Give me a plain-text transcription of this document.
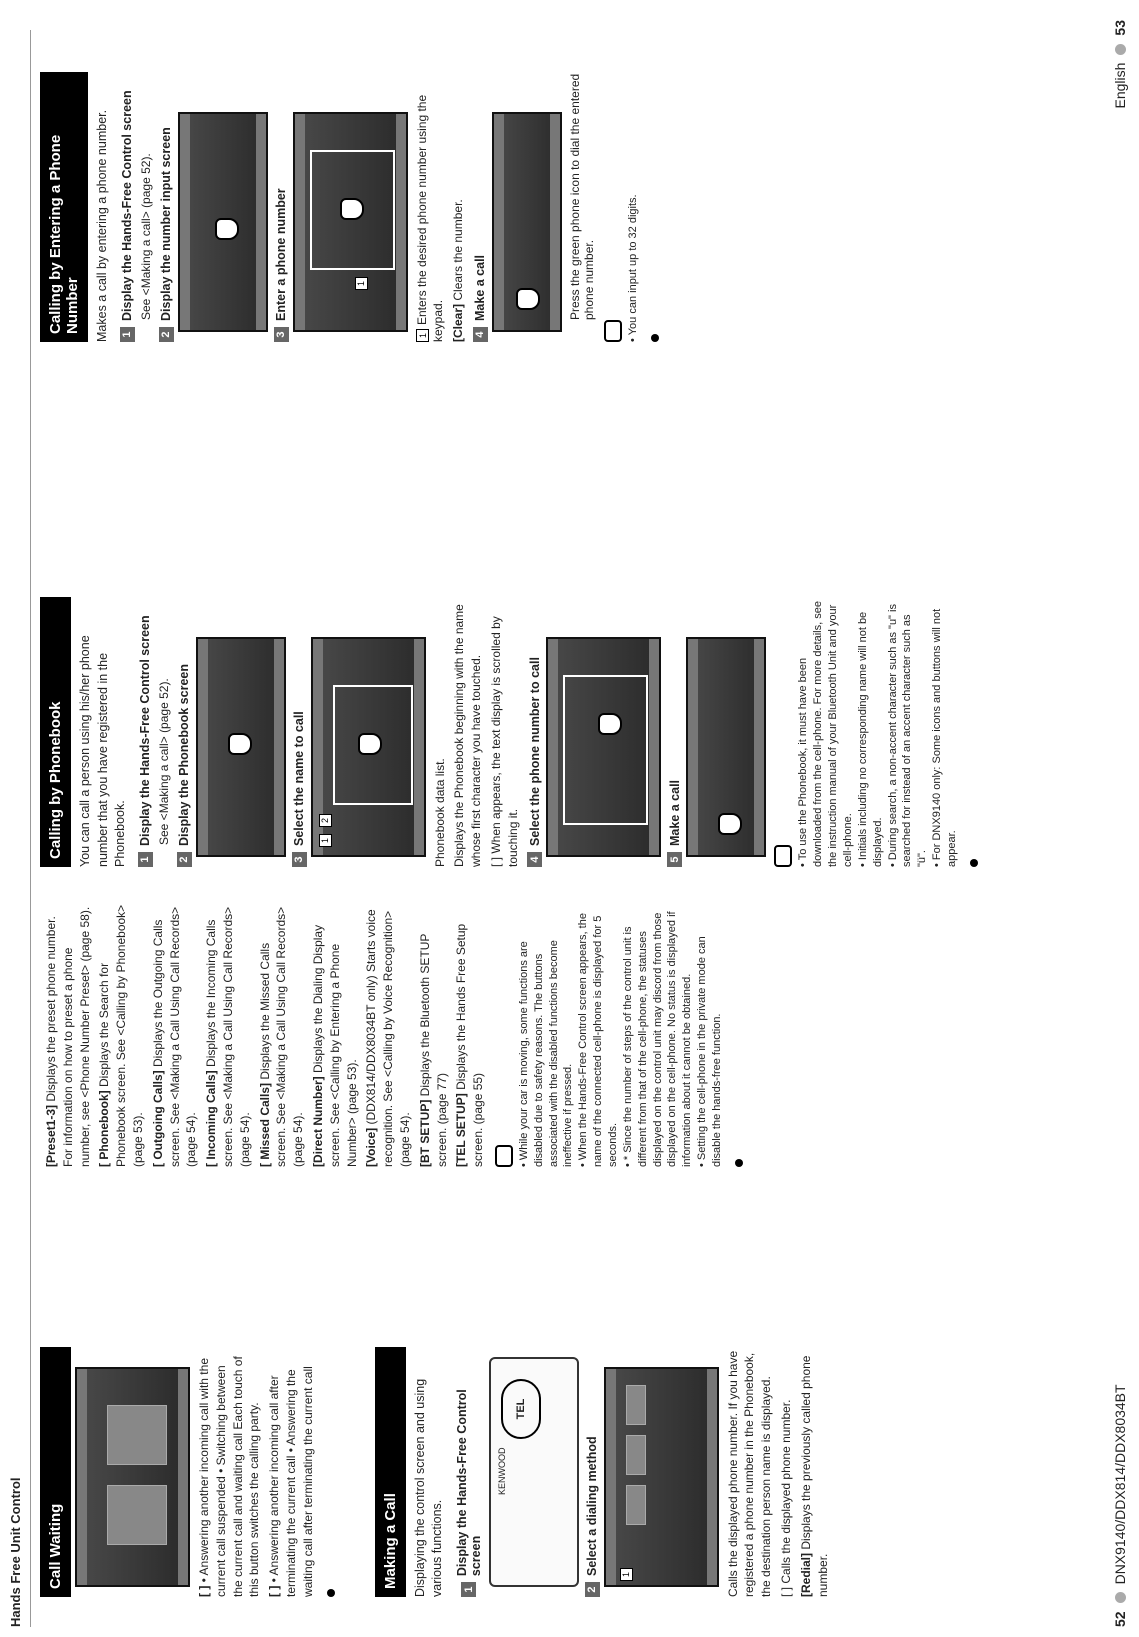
Hands Free Unit Control	Call Waiting
[ ] • Answering another incoming call with the current call suspended • Switching between the current call and waiting call Each touch of this button switches the calling party. [ ] • Answering another incoming call after terminating the current call • Answering the waiting call after terminating the current call	Making a Call	Displaying the control screen and using various functions. 1
Display the Hands-Free Control screen
KENWOOD
TEL
2
Select a dialing method 1	Calls the displayed phone number. If you have registered a phone number in the Phonebook, the destination person name is displayed. [ ] Calls the displayed phone number. [Redial] Displays the previously called phone number.
[Preset1-3] Displays the preset phone number. For information on how to preset a phone number, see <Phone Number Preset> (page 58). [ Phonebook] Displays the Search for Phonebook screen. See <Calling by Phonebook> (page 53). [ Outgoing Calls] Displays the Outgoing Calls screen. See <Making a Call Using Call Records> (page 54). [ Incoming Calls] Displays the Incoming Calls screen. See <Making a Call Using Call Records> (page 54). [ Missed Calls] Displays the Missed Calls screen. See <Making a Call Using Call Records> (page 54). [Direct Number] Displays the Dialing Display screen. See <Calling by Entering a Phone Number> (page 53). [Voice] (DDX814/DDX8034BT only) Starts voice recognition. See <Calling by Voice Recognition> (page 54). [BT SETUP] Displays the Bluetooth SETUP screen. (page 77) [TEL SETUP] Displays the Hands Free Setup screen. (page 55)	• While your car is moving, some functions are disabled due to safety reasons. The buttons associated with the disabled functions become ineffective if pressed. • When the Hands-Free Control screen appears, the name of the connected cell-phone is displayed for 5 seconds. • * Since the number of steps of the control unit is different from that of the cell-phone, the statuses displayed on the control unit may discord from those displayed on the cell-phone. No status is displayed if information about it cannot be obtained. • Setting the cell-phone in the private mode can disable the hands-free function.
Calling by Phonebook	You can call a person using his/her phone number that you have registered in the Phonebook. 1
Display the Hands-Free Control screen See <Making a call> (page 52).
2
Display the Phonebook screen
3
Select the name to call 1
2	Phonebook data list. Displays the Phonebook beginning with the name whose first character you have touched. [ ] When appears, the text display is scrolled by touching it. 4
Select the phone number to call
5
Make a call	• To use the Phonebook, it must have been downloaded from the cell-phone. For more details, see the instruction manual of your Bluetooth Unit and your cell-phone. • Initials including no corresponding name will not be displayed. • During search, a non-accent character such as "u" is searched for instead of an accent character such as "ü". • For DNX9140 only: Some icons and buttons will not appear.
Calling by Entering a Phone Number	Makes a call by entering a phone number. 1
Display the Hands-Free Control screen See <Making a call> (page 52).
2
Display the number input screen
3
Enter a phone number	1
1Enters the desired phone number using the keypad. [Clear] Clears the number.
4
Make a call	Press the green phone icon to dial the entered phone number.	• You can input up to 32 digits.
52
DNX9140/DDX814/DDX8034BT
English
53
